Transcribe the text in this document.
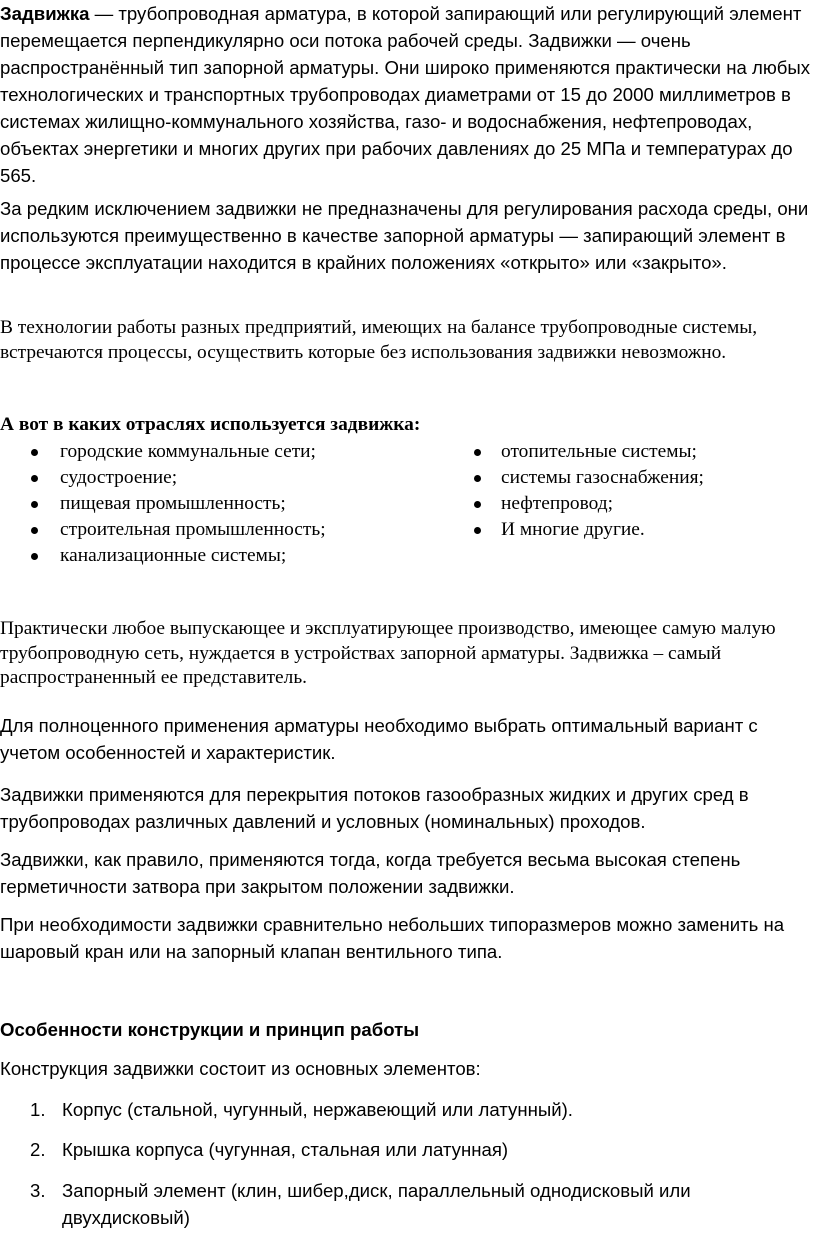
Задвижка — трубопроводная арматура, в которой запирающий или регулирующий элемент перемещается перпендикулярно оси потока рабочей среды. Задвижки — очень распространённый тип запорной арматуры. Они широко применяются практически на любых технологических и транспортных трубопроводах диаметрами от 15 до 2000 миллиметров в системах жилищно-коммунального хозяйства, газо- и водоснабжения, нефтепроводах, объектах энергетики и многих других при рабочих давлениях до 25 МПа и температурах до 565.

За редким исключением задвижки не предназначены для регулирования расхода среды, они используются преимущественно в качестве запорной арматуры — запирающий элемент в процессе эксплуатации находится в крайних положениях «открыто» или «закрыто».

В технологии работы разных предприятий, имеющих на балансе трубопроводные системы, встречаются процессы, осуществить которые без использования задвижки невозможно.

А вот в каких отраслях используется задвижка:
городские коммунальные сети;
судостроение;
пищевая промышленность;
строительная промышленность;
канализационные системы;
отопительные системы;
системы газоснабжения;
нефтепровод;
И многие другие.

Практически любое выпускающее и эксплуатирующее производство, имеющее самую малую трубопроводную сеть, нуждается в устройствах запорной арматуры. Задвижка – самый распространенный ее представитель.

Для полноценного применения арматуры необходимо выбрать оптимальный вариант с учетом особенностей и характеристик.

Задвижки применяются для перекрытия потоков газообразных жидких и других сред в трубопроводах различных давлений и условных (номинальных) проходов.

Задвижки, как правило, применяются тогда, когда требуется весьма высокая степень герметичности затвора при закрытом положении задвижки.

При необходимости задвижки сравнительно небольших типоразмеров можно заменить на шаровый кран или на запорный клапан вентильного типа.

Особенности конструкции и принцип работы
Конструкция задвижки состоит из основных элементов:
1. Корпус (стальной, чугунный, нержавеющий или латунный).
2. Крышка корпуса (чугунная, стальная или латунная)
3. Запорный элемент (клин, шибер,диск, параллельный однодисковый или двухдисковый)
